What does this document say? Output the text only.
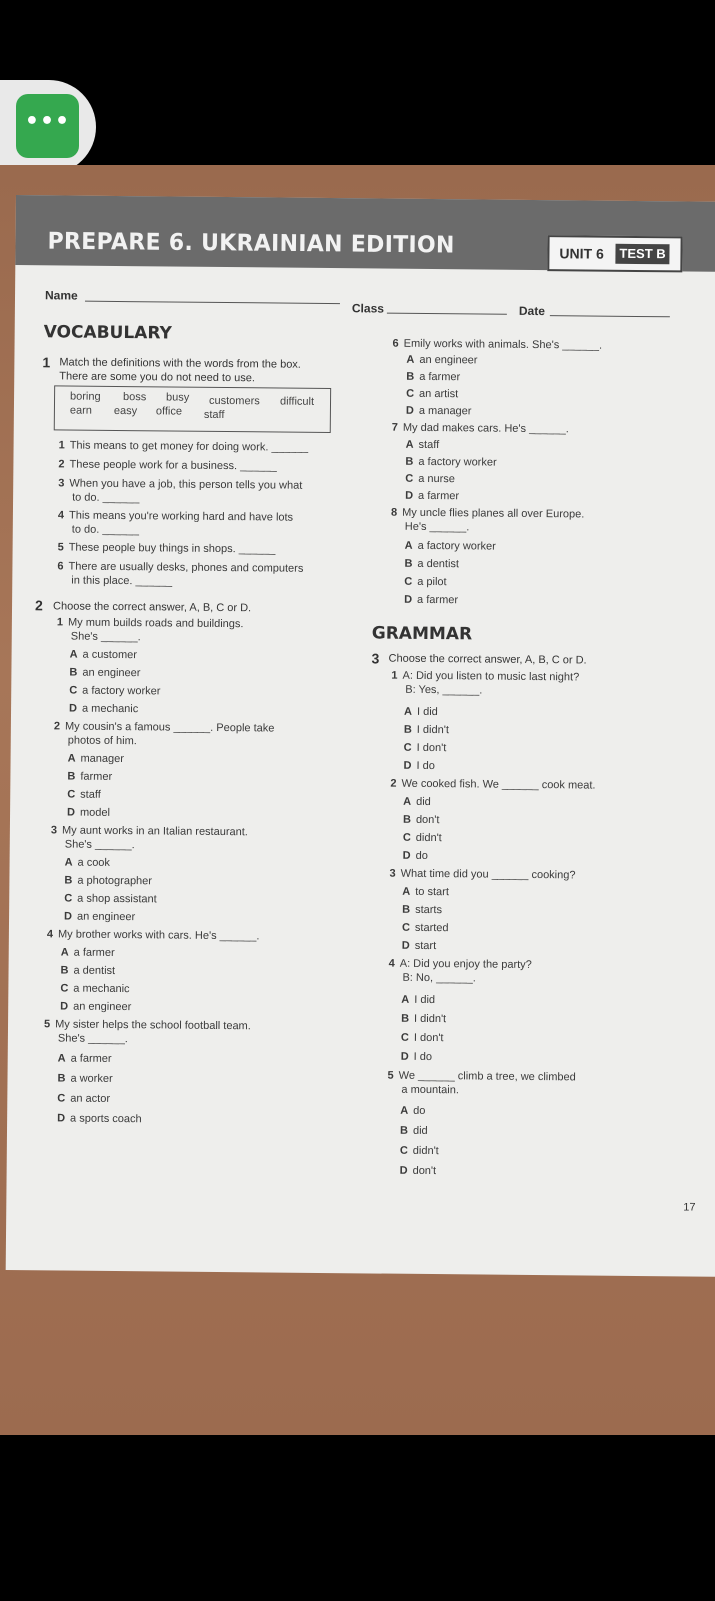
•••
PREPARE 6. UKRAINIAN EDITION	UNIT 6	TEST B
Name
Class	Date
VOCABULARY
1 Match the definitions with the words from the box.
There are some you do not need to use.
boring boss busy customers difficult
earn easy office staff
1 This means to get money for doing work. ______
2 These people work for a business. ______
3 When you have a job, this person tells you what
to do. ______
4 This means you're working hard and have lots
to do. ______
5 These people buy things in shops. ______
6 There are usually desks, phones and computers
in this place. ______
2 Choose the correct answer, A, B, C or D.
1 My mum builds roads and buildings.
She's ______.
A a customer
B an engineer
C a factory worker
D a mechanic
2 My cousin's a famous ______. People take
photos of him.
A manager
B farmer
C staff
D model
3 My aunt works in an Italian restaurant.
She's ______.
A a cook
B a photographer
C a shop assistant
D an engineer
4 My brother works with cars. He's ______.
A a farmer
B a dentist
C a mechanic
D an engineer
5 My sister helps the school football team.
She's ______.
A a farmer
B a worker
C an actor
D a sports coach
6 Emily works with animals. She's ______.
A an engineer
B a farmer
C an artist
D a manager
7 My dad makes cars. He's ______.
A staff
B a factory worker
C a nurse
D a farmer
8 My uncle flies planes all over Europe.
He's ______.
A a factory worker
B a dentist
C a pilot
D a farmer
GRAMMAR
3 Choose the correct answer, A, B, C or D.
1 A: Did you listen to music last night?
B: Yes, ______.
A I did
B I didn't
C I don't
D I do
2 We cooked fish. We ______ cook meat.
A did
B don't
C didn't
D do
3 What time did you ______ cooking?
A to start
B starts
C started
D start
4 A: Did you enjoy the party?
B: No, ______.
A I did
B I didn't
C I don't
D I do
5 We ______ climb a tree, we climbed
a mountain.
A do
B did
C didn't
D don't
17
